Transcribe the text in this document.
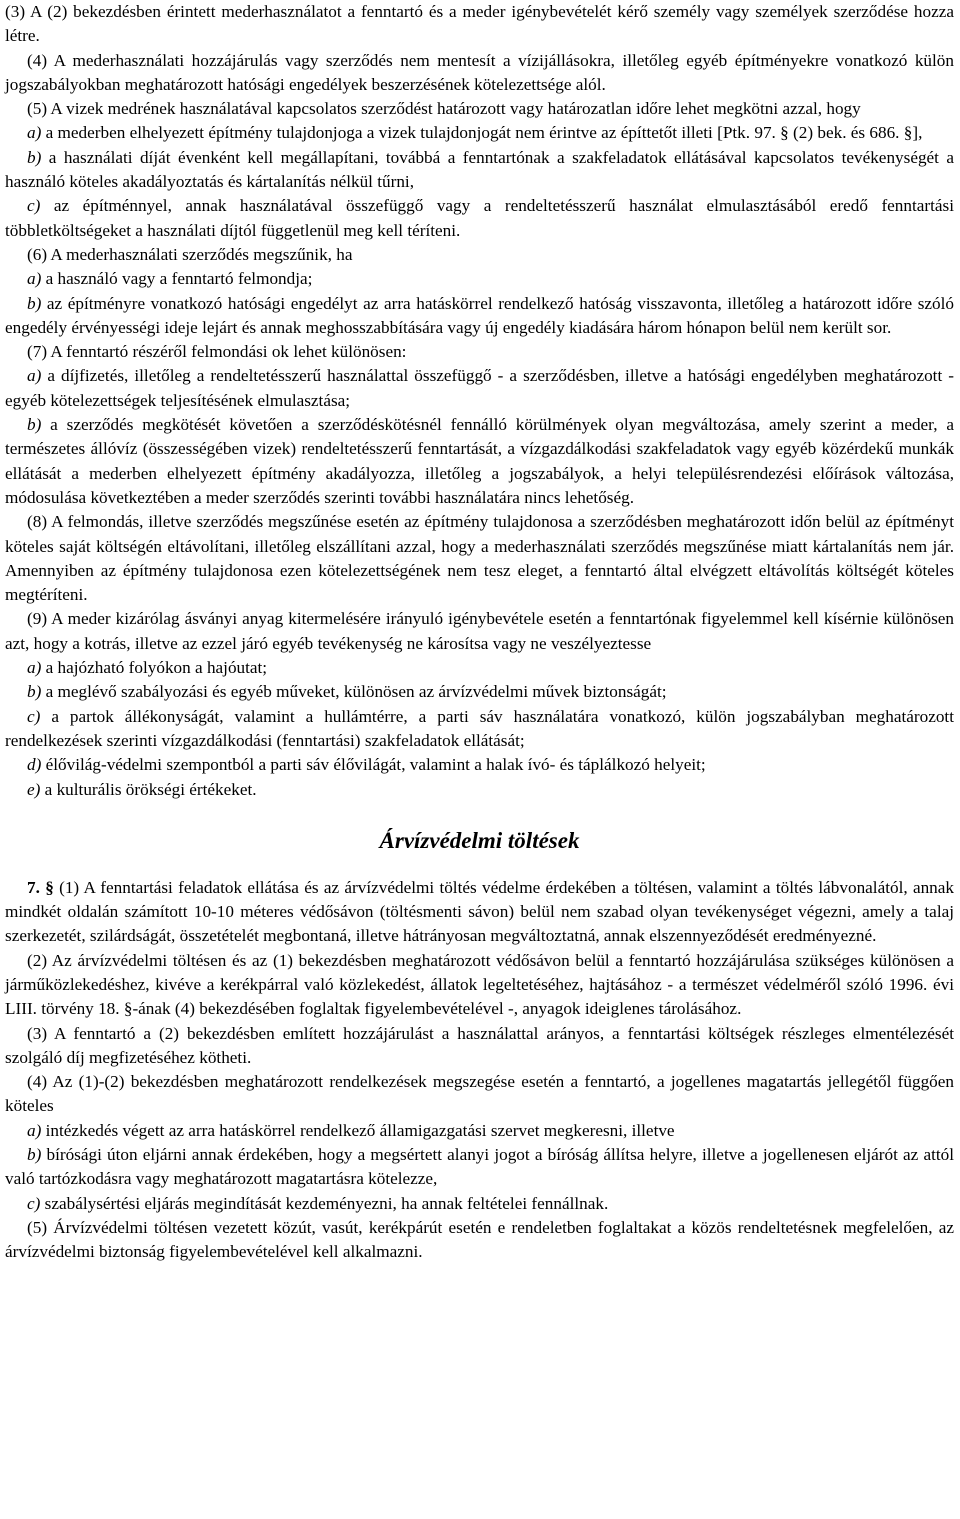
(3) A (2) bekezdésben érintett mederhasználatot a fenntartó és a meder igénybevételét kérő személy vagy személyek szerződése hozza létre.

(4) A mederhasználati hozzájárulás vagy szerződés nem mentesít a vízijállásokra, illetőleg egyéb építményekre vonatkozó külön jogszabályokban meghatározott hatósági engedélyek beszerzésének kötelezettsége alól.

(5) A vizek medrének használatával kapcsolatos szerződést határozott vagy határozatlan időre lehet megkötni azzal, hogy

a) a mederben elhelyezett építmény tulajdonjoga a vizek tulajdonjogát nem érintve az építtetőt illeti [Ptk. 97. § (2) bek. és 686. §],

b) a használati díját évenként kell megállapítani, továbbá a fenntartónak a szakfeladatok ellátásával kapcsolatos tevékenységét a használó köteles akadályoztatás és kártalanítás nélkül tűrni,

c) az építménnyel, annak használatával összefüggő vagy a rendeltetésszerű használat elmulasztásából eredő fenntartási többletköltségeket a használati díjtól függetlenül meg kell téríteni.

(6) A mederhasználati szerződés megszűnik, ha

a) a használó vagy a fenntartó felmondja;

b) az építményre vonatkozó hatósági engedélyt az arra hatáskörrel rendelkező hatóság visszavonta, illetőleg a határozott időre szóló engedély érvényességi ideje lejárt és annak meghosszabbítására vagy új engedély kiadására három hónapon belül nem került sor.

(7) A fenntartó részéről felmondási ok lehet különösen:

a) a díjfizetés, illetőleg a rendeltetésszerű használattal összefüggő - a szerződésben, illetve a hatósági engedélyben meghatározott - egyéb kötelezettségek teljesítésének elmulasztása;

b) a szerződés megkötését követően a szerződéskötésnél fennálló körülmények olyan megváltozása, amely szerint a meder, a természetes állóvíz (összességében vizek) rendeltetésszerű fenntartását, a vízgazdálkodási szakfeladatok vagy egyéb közérdekű munkák ellátását a mederben elhelyezett építmény akadályozza, illetőleg a jogszabályok, a helyi településrendezési előírások változása, módosulása következtében a meder szerződés szerinti további használatára nincs lehetőség.

(8) A felmondás, illetve szerződés megszűnése esetén az építmény tulajdonosa a szerződésben meghatározott időn belül az építményt köteles saját költségén eltávolítani, illetőleg elszállítani azzal, hogy a mederhasználati szerződés megszűnése miatt kártalanítás nem jár. Amennyiben az építmény tulajdonosa ezen kötelezettségének nem tesz eleget, a fenntartó által elvégzett eltávolítás költségét köteles megtéríteni.

(9) A meder kizárólag ásványi anyag kitermelésére irányuló igénybevétele esetén a fenntartónak figyelemmel kell kísérnie különösen azt, hogy a kotrás, illetve az ezzel járó egyéb tevékenység ne károsítsa vagy ne veszélyeztesse

a) a hajózható folyókon a hajóutat;

b) a meglévő szabályozási és egyéb műveket, különösen az árvízvédelmi művek biztonságát;

c) a partok állékonyságát, valamint a hullámtérre, a parti sáv használatára vonatkozó, külön jogszabályban meghatározott rendelkezések szerinti vízgazdálkodási (fenntartási) szakfeladatok ellátását;

d) élővilág-védelmi szempontból a parti sáv élővilágát, valamint a halak ívó- és táplálkozó helyeit;

e) a kulturális örökségi értékeket.

Árvízvédelmi töltések

7. § (1) A fenntartási feladatok ellátása és az árvízvédelmi töltés védelme érdekében a töltésen, valamint a töltés lábvonalától, annak mindkét oldalán számított 10-10 méteres védősávon (töltésmenti sávon) belül nem szabad olyan tevékenységet végezni, amely a talaj szerkezetét, szilárdságát, összetételét megbontaná, illetve hátrányosan megváltoztatná, annak elszennyeződését eredményezné.

(2) Az árvízvédelmi töltésen és az (1) bekezdésben meghatározott védősávon belül a fenntartó hozzájárulása szükséges különösen a járműközlekedéshez, kivéve a kerékpárral való közlekedést, állatok legeltetéséhez, hajtásához - a természet védelméről szóló 1996. évi LIII. törvény 18. §-ának (4) bekezdésében foglaltak figyelembevételével -, anyagok ideiglenes tárolásához.

(3) A fenntartó a (2) bekezdésben említett hozzájárulást a használattal arányos, a fenntartási költségek részleges elmentélezését szolgáló díj megfizetéséhez kötheti.

(4) Az (1)-(2) bekezdésben meghatározott rendelkezések megszegése esetén a fenntartó, a jogellenes magatartás jellegétől függően köteles

a) intézkedés végett az arra hatáskörrel rendelkező államigazgatási szervet megkeresni, illetve

b) bírósági úton eljárni annak érdekében, hogy a megsértett alanyi jogot a bíróság állítsa helyre, illetve a jogellenesen eljárót az attól való tartózkodásra vagy meghatározott magatartásra kötelezze,

c) szabálysértési eljárás megindítását kezdeményezni, ha annak feltételei fennállnak.

(5) Árvízvédelmi töltésen vezetett közút, vasút, kerékpárút esetén e rendeletben foglaltakat a közös rendeltetésnek megfelelően, az árvízvédelmi biztonság figyelembevételével kell alkalmazni.
